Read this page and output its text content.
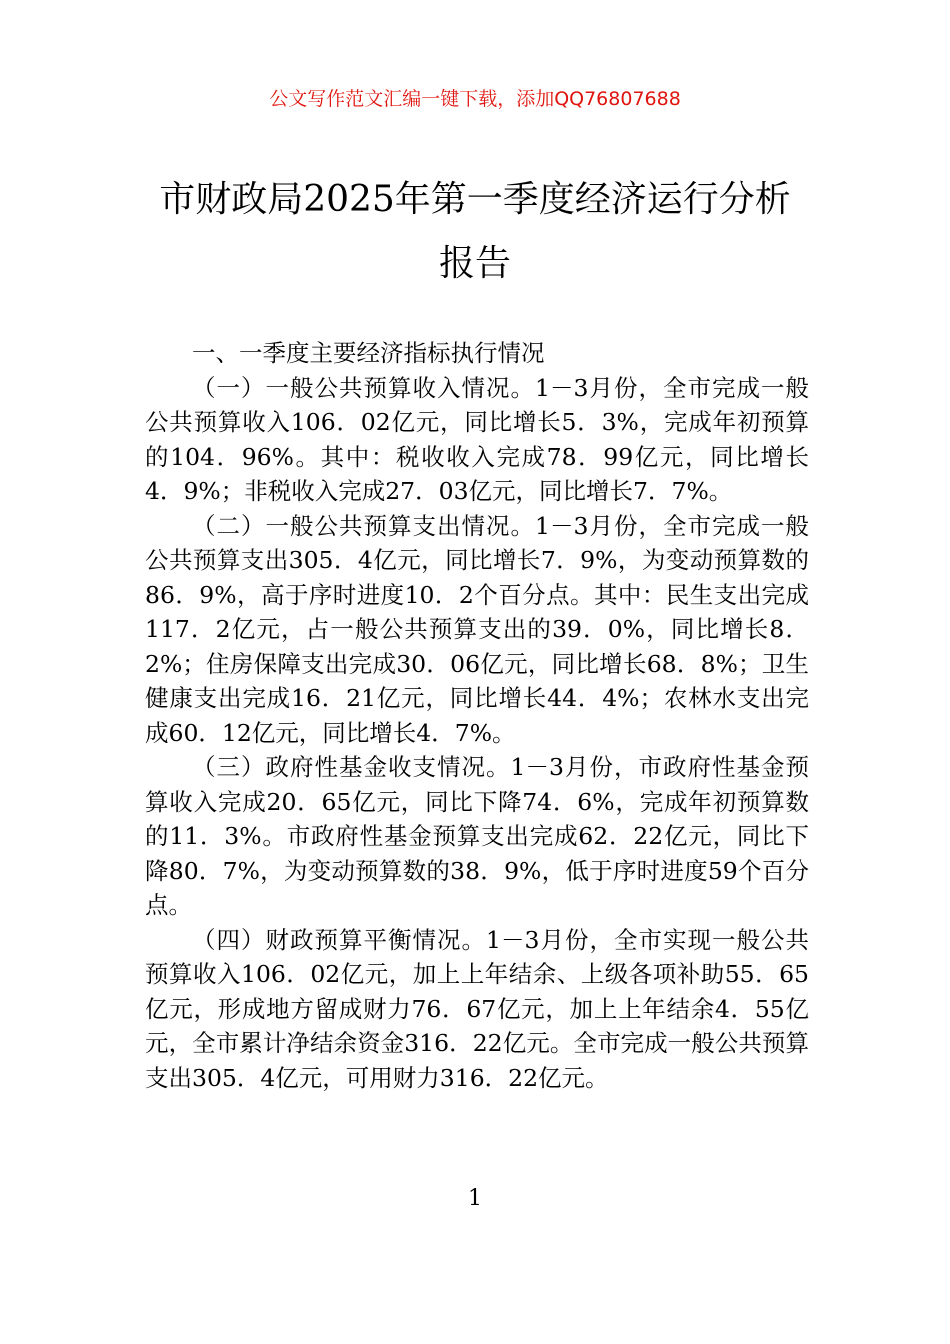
公文写作范文汇编一键下载，添加QQ76807688
市财政局2025年第一季度经济运行分析报告

一、一季度主要经济指标执行情况

（一）一般公共预算收入情况。1－3月份，全市完成一般公共预算收入106．02亿元，同比增长5．3%，完成年初预算的104．96%。其中：税收收入完成78．99亿元，同比增长4．9%；非税收入完成27．03亿元，同比增长7．7%。

（二）一般公共预算支出情况。1－3月份，全市完成一般公共预算支出305．4亿元，同比增长7．9%，为变动预算数的86．9%，高于序时进度10．2个百分点。其中：民生支出完成117．2亿元，占一般公共预算支出的39．0%，同比增长8．2%；住房保障支出完成30．06亿元，同比增长68．8%；卫生健康支出完成16．21亿元，同比增长44．4%；农林水支出完成60．12亿元，同比增长4．7%。

（三）政府性基金收支情况。1－3月份，市政府性基金预算收入完成20．65亿元，同比下降74．6%，完成年初预算数的11．3%。市政府性基金预算支出完成62．22亿元，同比下降80．7%，为变动预算数的38．9%，低于序时进度59个百分点。

（四）财政预算平衡情况。1－3月份，全市实现一般公共预算收入106．02亿元，加上上年结余、上级各项补助55．65亿元，形成地方留成财力76．67亿元，加上上年结余4．55亿元，全市累计净结余资金316．22亿元。全市完成一般公共预算支出305．4亿元，可用财力316．22亿元。

1
